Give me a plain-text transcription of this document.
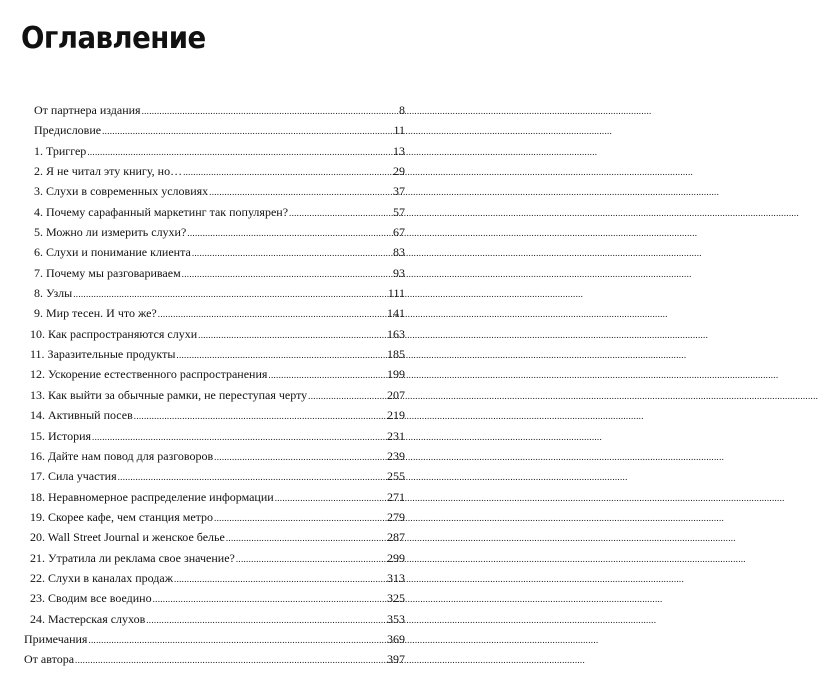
Оглавление
От партнера издания .....	8
Предисловие .....	11
1. Триггер .....	13
2. Я не читал эту книгу, но… .....	29
3. Слухи в современных условиях .....	37
4. Почему сарафанный маркетинг так популярен? .....	57
5. Можно ли измерить слухи? .....	67
6. Слухи и понимание клиента .....	83
7. Почему мы разговариваем .....	93
8. Узлы .....	111
9. Мир тесен. И что же? .....	141
10. Как распространяются слухи .....	163
11. Заразительные продукты .....	185
12. Ускорение естественного распространения .....	199
13. Как выйти за обычные рамки, не переступая черту .....	207
14. Активный посев .....	219
15. История .....	231
16. Дайте нам повод для разговоров .....	239
17. Сила участия .....	255
18. Неравномерное распределение информации .....	271
19. Скорее кафе, чем станция метро .....	279
20. Wall Street Journal и женское белье .....	287
21. Утратила ли реклама свое значение? .....	299
22. Слухи в каналах продаж .....	313
23. Сводим все воедино .....	325
24. Мастерская слухов .....	353
Примечания .....	369
От автора .....	397
